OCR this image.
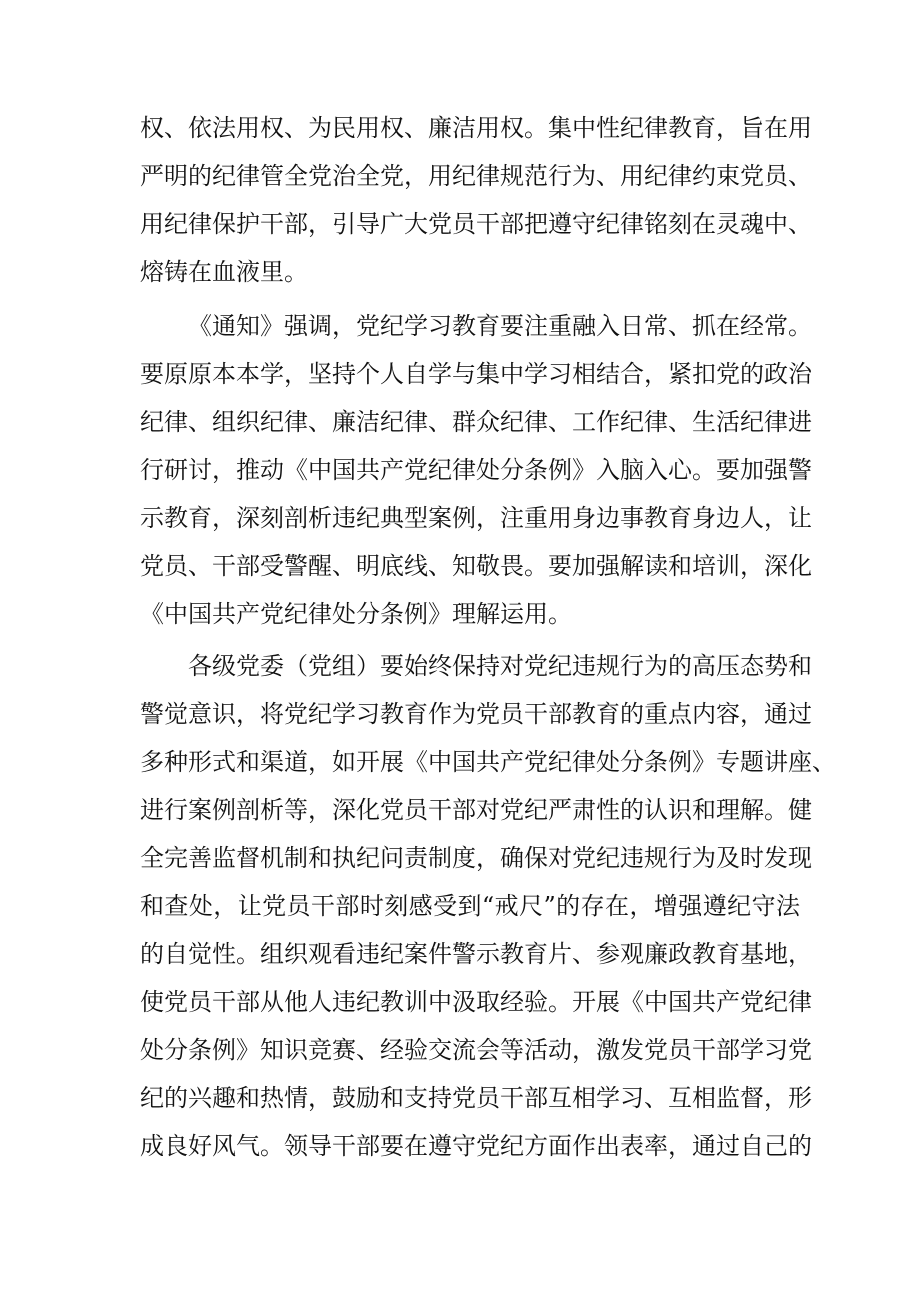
权、依法用权、为民用权、廉洁用权。集中性纪律教育，旨在用
严明的纪律管全党治全党，用纪律规范行为、用纪律约束党员、
用纪律保护干部，引导广大党员干部把遵守纪律铭刻在灵魂中、
熔铸在血液里。
《通知》强调，党纪学习教育要注重融入日常、抓在经常。
要原原本本学，坚持个人自学与集中学习相结合，紧扣党的政治
纪律、组织纪律、廉洁纪律、群众纪律、工作纪律、生活纪律进
行研讨，推动《中国共产党纪律处分条例》入脑入心。要加强警
示教育，深刻剖析违纪典型案例，注重用身边事教育身边人，让
党员、干部受警醒、明底线、知敬畏。要加强解读和培训，深化
《中国共产党纪律处分条例》理解运用。
各级党委（党组）要始终保持对党纪违规行为的高压态势和
警觉意识，将党纪学习教育作为党员干部教育的重点内容，通过
多种形式和渠道，如开展《中国共产党纪律处分条例》专题讲座、
进行案例剖析等，深化党员干部对党纪严肃性的认识和理解。健
全完善监督机制和执纪问责制度，确保对党纪违规行为及时发现
和查处，让党员干部时刻感受到“戒尺”的存在，增强遵纪守法
的自觉性。组织观看违纪案件警示教育片、参观廉政教育基地，
使党员干部从他人违纪教训中汲取经验。开展《中国共产党纪律
处分条例》知识竞赛、经验交流会等活动，激发党员干部学习党
纪的兴趣和热情，鼓励和支持党员干部互相学习、互相监督，形
成良好风气。领导干部要在遵守党纪方面作出表率，通过自己的
